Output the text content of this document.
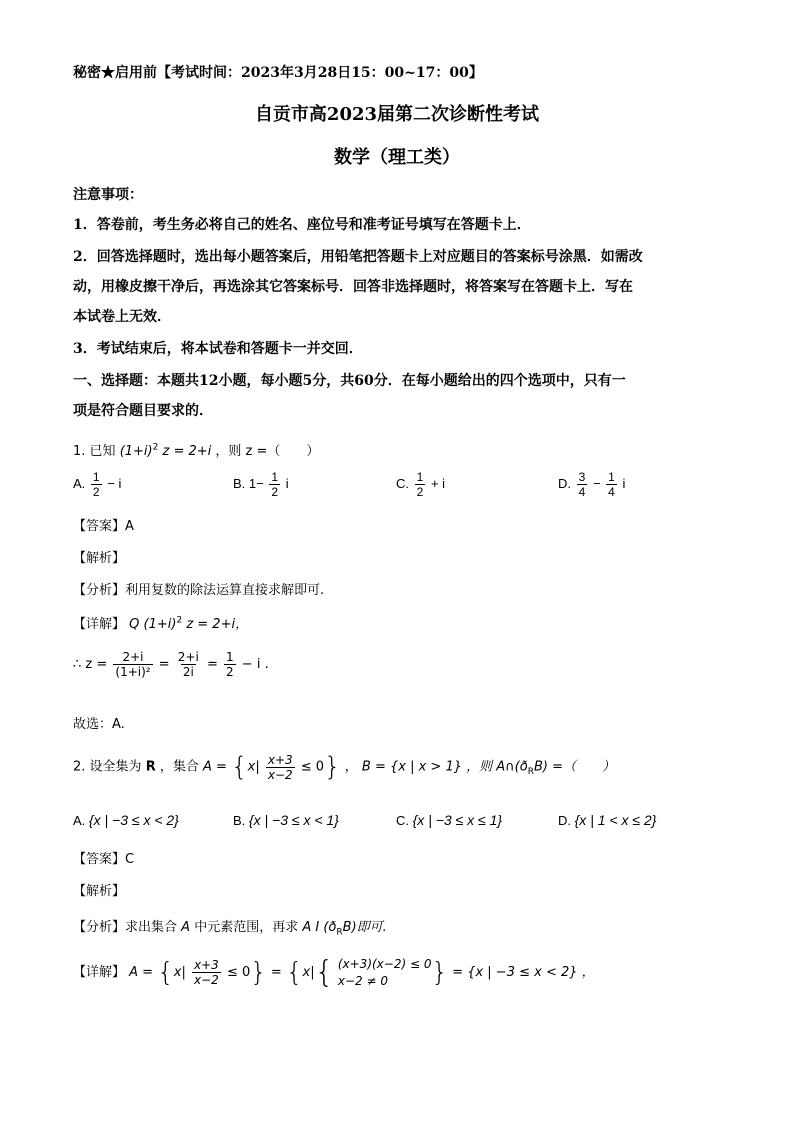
秘密★启用前【考试时间：2023年3月28日15：00~17：00】
自贡市高2023届第二次诊断性考试
数学（理工类）
注意事项：
1．答卷前，考生务必将自己的姓名、座位号和准考证号填写在答题卡上．
2．回答选择题时，选出每小题答案后，用铅笔把答题卡上对应题目的答案标号涂黑．如需改
动，用橡皮擦干净后，再选涂其它答案标号．回答非选择题时，将答案写在答题卡上．写在
本试卷上无效．
3．考试结束后，将本试卷和答题卡一并交回．
一、选择题：本题共12小题，每小题5分，共60分．在每小题给出的四个选项中，只有一
项是符合题目要求的．
1. 已知 $(1+i)^2$ z = 2+i ，则 z =（　　）
A. $\frac{1}{2} - i$	B. $1- \frac{1}{2}$ i	C. $\frac{1}{2} + i$	D. $\frac{3}{4} - \frac{1}{4}$ i
【答案】A
【解析】
【分析】利用复数的除法运算直接求解即可.
【详解】 Q $(1+i)^2$ z = 2+i，
∴ $z = \frac{2+i}{\text{(1+i)²}} = \frac{2+i}{2i} = \frac{1}{2} - i$ .
故选：A.
2. 设全集为 R ，集合 $A = \{x| \frac{x+3}{x-2} \le 0\}$ ， B = {x | x > 1} ，则 $A\cap(ð_RB)$ =（　　）
A. {x | −3 ≤ x < 2}	B. {x | −3 ≤ x < 1}	C. {x | −3 ≤ x ≤ 1}	D. {x | 1 < x ≤ 2}
【答案】C
【解析】
【分析】求出集合 A 中元素范围，再求 A I $(ð_RB)$即可.
【详解】 $A = \{x| \frac{x+3}{x-2} \le 0\} = \{x|${ (x+3)(x−2) ≤ 0
x−2 ≠ 0	} = {x | −3 ≤ x < 2} ，
